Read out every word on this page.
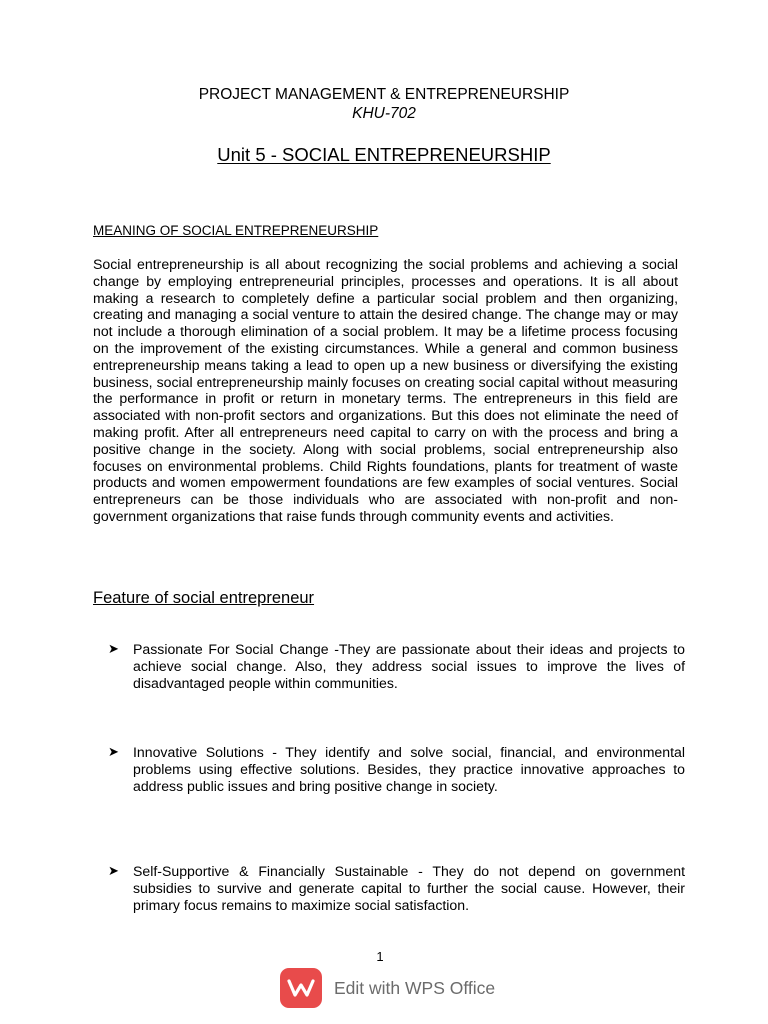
PROJECT MANAGEMENT & ENTREPRENEURSHIP
KHU-702
Unit 5 - SOCIAL ENTREPRENEURSHIP
MEANING OF SOCIAL ENTREPRENEURSHIP
Social entrepreneurship is all about recognizing the social problems and achieving a social change by employing entrepreneurial principles, processes and operations. It is all about making a research to completely define a particular social problem and then organizing, creating and managing a social venture to attain the desired change. The change may or may not include a thorough elimination of a social problem. It may be a lifetime process focusing on the improvement of the existing circumstances. While a general and common business entrepreneurship means taking a lead to open up a new business or diversifying the existing business, social entrepreneurship mainly focuses on creating social capital without measuring the performance in profit or return in monetary terms. The entrepreneurs in this field are associated with non-profit sectors and organizations. But this does not eliminate the need of making profit. After all entrepreneurs need capital to carry on with the process and bring a positive change in the society. Along with social problems, social entrepreneurship also focuses on environmental problems. Child Rights foundations, plants for treatment of waste products and women empowerment foundations are few examples of social ventures. Social entrepreneurs can be those individuals who are associated with non-profit and non-government organizations that raise funds through community events and activities.
Feature of social entrepreneur
➤ Passionate For Social Change -They are passionate about their ideas and projects to achieve social change. Also, they address social issues to improve the lives of disadvantaged people within communities.
➤ Innovative Solutions - They identify and solve social, financial, and environmental problems using effective solutions. Besides, they practice innovative approaches to address public issues and bring positive change in society.
➤ Self-Supportive & Financially Sustainable - They do not depend on government subsidies to survive and generate capital to further the social cause. However, their primary focus remains to maximize social satisfaction.
1
Edit with WPS Office
